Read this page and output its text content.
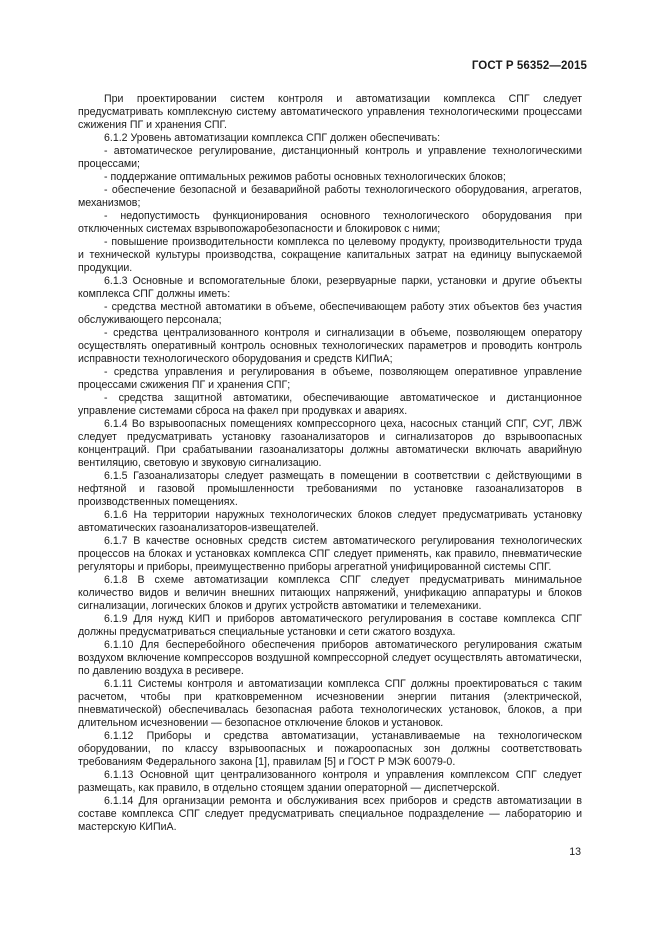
ГОСТ Р 56352—2015

При проектировании систем контроля и автоматизации комплекса СПГ следует предусматривать комплексную систему автоматического управления технологическими процессами сжижения ПГ и хранения СПГ.

6.1.2 Уровень автоматизации комплекса СПГ должен обеспечивать:

- автоматическое регулирование, дистанционный контроль и управление технологическими процессами;

- поддержание оптимальных режимов работы основных технологических блоков;

- обеспечение безопасной и безаварийной работы технологического оборудования, агрегатов, механизмов;

- недопустимость функционирования основного технологического оборудования при отключенных системах взрывопожаробезопасности и блокировок с ними;

- повышение производительности комплекса по целевому продукту, производительности труда и технической культуры производства, сокращение капитальных затрат на единицу выпускаемой продукции.

6.1.3 Основные и вспомогательные блоки, резервуарные парки, установки и другие объекты комплекса СПГ должны иметь:

- средства местной автоматики в объеме, обеспечивающем работу этих объектов без участия обслуживающего персонала;

- средства централизованного контроля и сигнализации в объеме, позволяющем оператору осуществлять оперативный контроль основных технологических параметров и проводить контроль исправности технологического оборудования и средств КИПиА;

- средства управления и регулирования в объеме, позволяющем оперативное управление процессами сжижения ПГ и хранения СПГ;

- средства защитной автоматики, обеспечивающие автоматическое и дистанционное управление системами сброса на факел при продувках и авариях.

6.1.4 Во взрывоопасных помещениях компрессорного цеха, насосных станций СПГ, СУГ, ЛВЖ следует предусматривать установку газоанализаторов и сигнализаторов до взрывоопасных концентраций. При срабатывании газоанализаторы должны автоматически включать аварийную вентиляцию, световую и звуковую сигнализацию.

6.1.5 Газоанализаторы следует размещать в помещении в соответствии с действующими в нефтяной и газовой промышленности требованиями по установке газоанализаторов в производственных помещениях.

6.1.6 На территории наружных технологических блоков следует предусматривать установку автоматических газоанализаторов-извещателей.

6.1.7 В качестве основных средств систем автоматического регулирования технологических процессов на блоках и установках комплекса СПГ следует применять, как правило, пневматические регуляторы и приборы, преимущественно приборы агрегатной унифицированной системы СПГ.

6.1.8 В схеме автоматизации комплекса СПГ следует предусматривать минимальное количество видов и величин внешних питающих напряжений, унификацию аппаратуры и блоков сигнализации, логических блоков и других устройств автоматики и телемеханики.

6.1.9 Для нужд КИП и приборов автоматического регулирования в составе комплекса СПГ должны предусматриваться специальные установки и сети сжатого воздуха.

6.1.10 Для бесперебойного обеспечения приборов автоматического регулирования сжатым воздухом включение компрессоров воздушной компрессорной следует осуществлять автоматически, по давлению воздуха в ресивере.

6.1.11 Системы контроля и автоматизации комплекса СПГ должны проектироваться с таким расчетом, чтобы при кратковременном исчезновении энергии питания (электрической, пневматической) обеспечивалась безопасная работа технологических установок, блоков, а при длительном исчезновении — безопасное отключение блоков и установок.

6.1.12 Приборы и средства автоматизации, устанавливаемые на технологическом оборудовании, по классу взрывоопасных и пожароопасных зон должны соответствовать требованиям Федерального закона [1], правилам [5] и ГОСТ Р МЭК 60079-0.

6.1.13 Основной щит централизованного контроля и управления комплексом СПГ следует размещать, как правило, в отдельно стоящем здании операторной — диспетчерской.

6.1.14 Для организации ремонта и обслуживания всех приборов и средств автоматизации в составе комплекса СПГ следует предусматривать специальное подразделение — лабораторию и мастерскую КИПиА.

13
